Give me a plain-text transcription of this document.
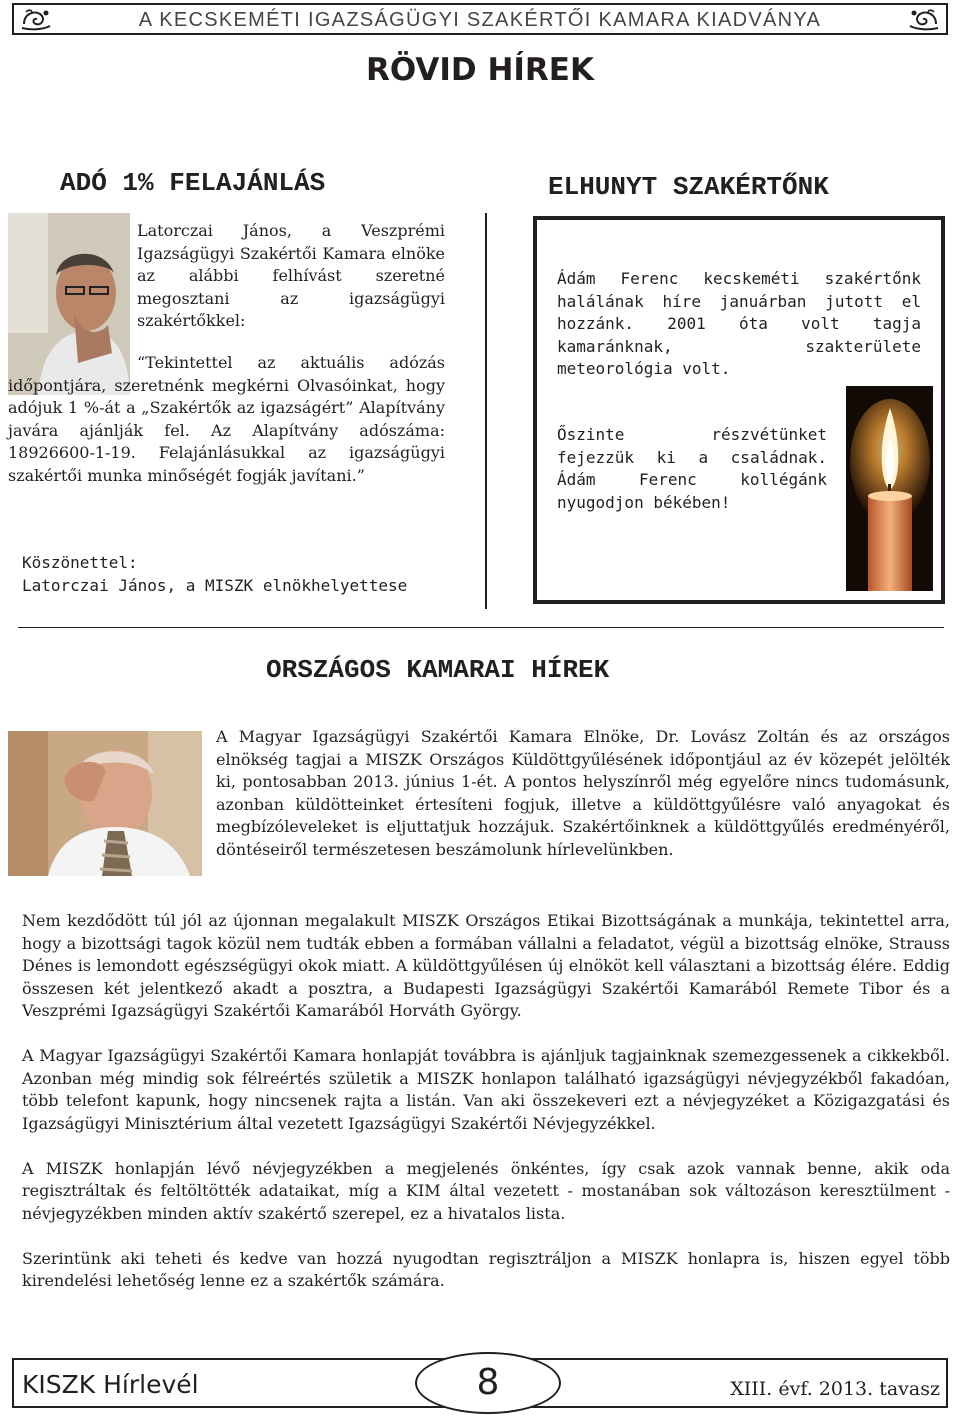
A KECSKEMÉTI IGAZSÁGÜGYI SZAKÉRTŐI KAMARA KIADVÁNYA
RÖVID HÍREK
ADÓ 1% FELAJÁNLÁS
Latorczai János, a Veszprémi Igazságügyi Szakértői Kamara elnöke az alábbi felhívást szeretné megosztani az igazságügyi szakértőkkel:
“Tekintettel az aktuális adózás időpontjára, szeretnénk megkérni Olvasóinkat, hogy adójuk 1 %-át a „Szakértők az igazságért” Alapítvány javára ajánlják fel. Az Alapítvány adószáma: 18926600-1-19. Felajánlásukkal az igazságügyi szakértői munka minőségét fogják javítani.”
Köszönettel:
Latorczai János, a MISZK elnökhelyettese
ELHUNYT SZAKÉRTŐNK
Ádám Ferenc kecskeméti szakértőnk halálának híre januárban jutott el hozzánk. 2001 óta volt tagja kamaránknak, szakterülete meteorológia volt.
Őszinte részvétünket fejezzük ki a családnak. Ádám Ferenc kollégánk nyugodjon békében!
ORSZÁGOS KAMARAI HÍREK
A Magyar Igazságügyi Szakértői Kamara Elnöke, Dr. Lovász Zoltán és az országos elnökség tagjai a MISZK Országos Küldöttgyűlésének időpontjául az év közepét jelölték ki, pontosabban 2013. június 1-ét. A pontos helyszínről még egyelőre nincs tudomásunk, azonban küldötteinket értesíteni fogjuk, illetve a küldöttgyűlésre való anyagokat és megbízóleveleket is eljuttatjuk hozzájuk. Szakértőinknek a küldöttgyűlés eredményéről, döntéseiről természetesen beszámolunk hírlevelünkben.
Nem kezdődött túl jól az újonnan megalakult MISZK Országos Etikai Bizottságának a munkája, tekintettel arra, hogy a bizottsági tagok közül nem tudták ebben a formában vállalni a feladatot, végül a bizottság elnöke, Strauss Dénes is lemondott egészségügyi okok miatt. A küldöttgyűlésen új elnököt kell választani a bizottság élére. Eddig összesen két jelentkező akadt a posztra, a Budapesti Igazságügyi Szakértői Kamarából Remete Tibor és a Veszprémi Igazságügyi Szakértői Kamarából Horváth György.
A Magyar Igazságügyi Szakértői Kamara honlapját továbbra is ajánljuk tagjainknak szemezgessenek a cikkekből. Azonban még mindig sok félreértés születik a MISZK honlapon található igazságügyi névjegyzékből fakadóan, több telefont kapunk, hogy nincsenek rajta a listán. Van aki összekeveri ezt a névjegyzéket a Közigazgatási és Igazságügyi Minisztérium által vezetett Igazságügyi Szakértői Névjegyzékkel.
A MISZK honlapján lévő névjegyzékben a megjelenés önkéntes, így csak azok vannak benne, akik oda regisztráltak és feltöltötték adataikat, míg a KIM által vezetett - mostanában sok változáson keresztülment - névjegyzékben minden aktív szakértő szerepel, ez a hivatalos lista.
Szerintünk aki teheti és kedve van hozzá nyugodtan regisztráljon a MISZK honlapra is, hiszen egyel több kirendelési lehetőség lenne ez a szakértők számára.
KISZK Hírlevél	XIII. évf. 2013. tavasz
8
